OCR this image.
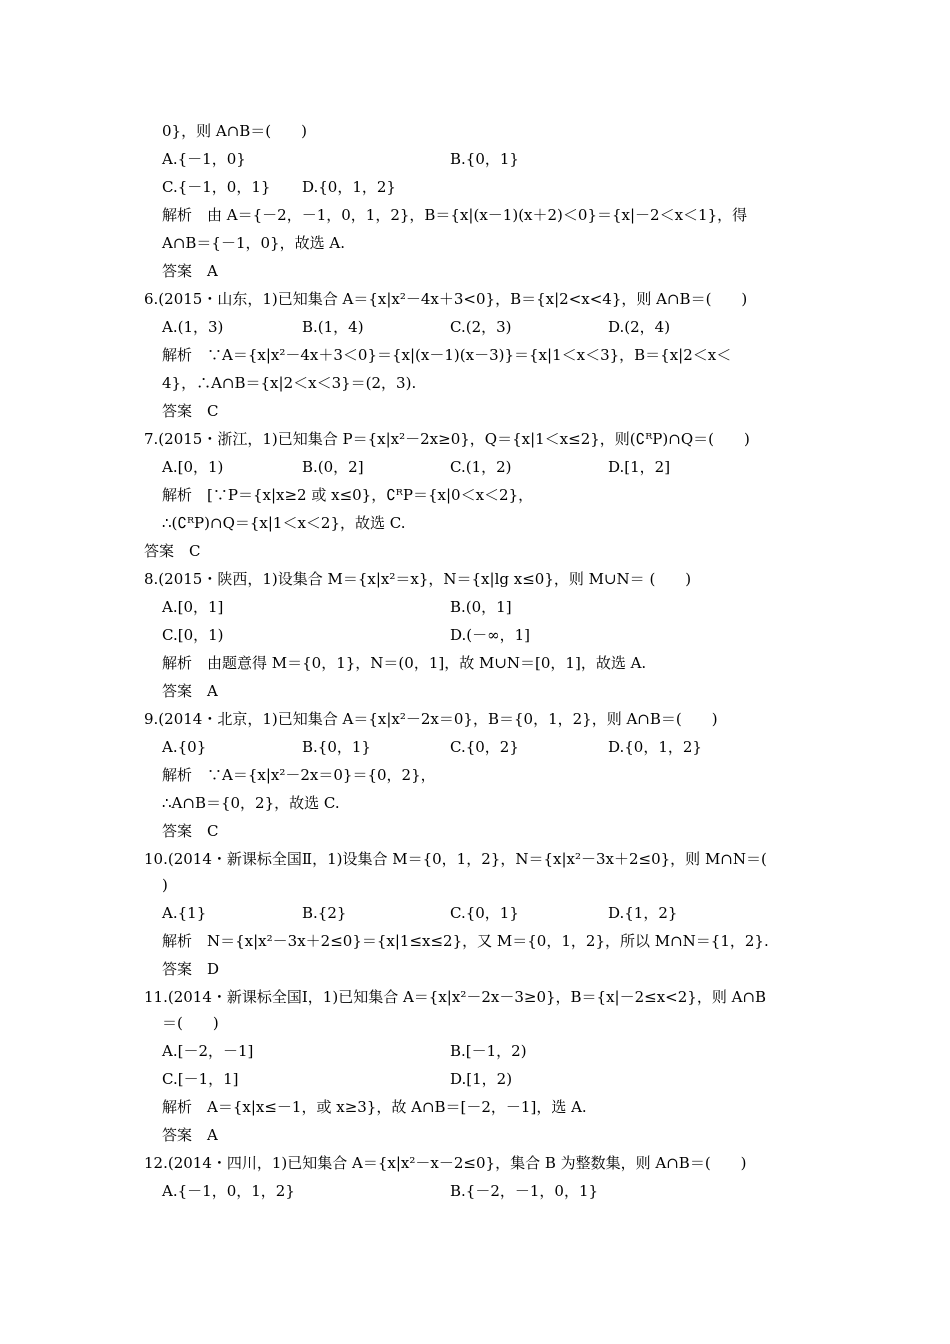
0}，则 A∩B＝(　　)
A.{－1，0}	B.{0，1}
C.{－1，0，1} D.{0，1，2}
解析　由 A＝{－2，－1，0，1，2}，B＝{x|(x－1)(x＋2)＜0}＝{x|－2＜x＜1}，得
A∩B＝{－1，0}，故选 A.
答案　A
6.(2015・山东，1)已知集合 A＝{x|x²－4x＋3<0}，B＝{x|2<x<4}，则 A∩B＝(　　)
A.(1，3)	B.(1，4)	C.(2，3)	D.(2，4)
解析　∵A＝{x|x²－4x＋3＜0}＝{x|(x－1)(x－3)}＝{x|1＜x＜3}，B＝{x|2＜x＜
4}，∴A∩B＝{x|2＜x＜3}＝(2，3).
答案　C
7.(2015・浙江，1)已知集合 P＝{x|x²－2x≥0}，Q＝{x|1＜x≤2}，则(∁ᴿP)∩Q＝(　　)
A.[0，1)	B.(0，2]	C.(1，2)	D.[1，2]
解析　[∵P＝{x|x≥2 或 x≤0}，∁ᴿP＝{x|0＜x＜2}，
∴(∁ᴿP)∩Q＝{x|1＜x＜2}，故选 C.
答案　C
8.(2015・陕西，1)设集合 M＝{x|x²＝x}，N＝{x|lg x≤0}，则 M∪N＝ (　　)
A.[0，1]	B.(0，1]
C.[0，1)	D.(－∞，1]
解析　由题意得 M＝{0，1}，N＝(0，1]，故 M∪N＝[0，1]，故选 A.
答案　A
9.(2014・北京，1)已知集合 A＝{x|x²－2x＝0}，B＝{0，1，2}，则 A∩B＝(　　)
A.{0}	B.{0，1}	C.{0，2}	D.{0，1，2}
解析　∵A＝{x|x²－2x＝0}＝{0，2}，
∴A∩B＝{0，2}，故选 C.
答案　C
10.(2014・新课标全国Ⅱ，1)设集合 M＝{0，1，2}，N＝{x|x²－3x＋2≤0}，则 M∩N＝(
)
A.{1}	B.{2}	C.{0，1}	D.{1，2}
解析　N＝{x|x²－3x＋2≤0}＝{x|1≤x≤2}，又 M＝{0，1，2}，所以 M∩N＝{1，2}.
答案　D
11.(2014・新课标全国Ⅰ，1)已知集合 A＝{x|x²－2x－3≥0}，B＝{x|－2≤x<2}，则 A∩B
＝(　　)
A.[－2，－1]	B.[－1，2)
C.[－1，1]	D.[1，2)
解析　A＝{x|x≤－1，或 x≥3}，故 A∩B＝[－2，－1]，选 A.
答案　A
12.(2014・四川，1)已知集合 A＝{x|x²－x－2≤0}，集合 B 为整数集，则 A∩B＝(　　)
A.{－1，0，1，2}	B.{－2，－1，0，1}
